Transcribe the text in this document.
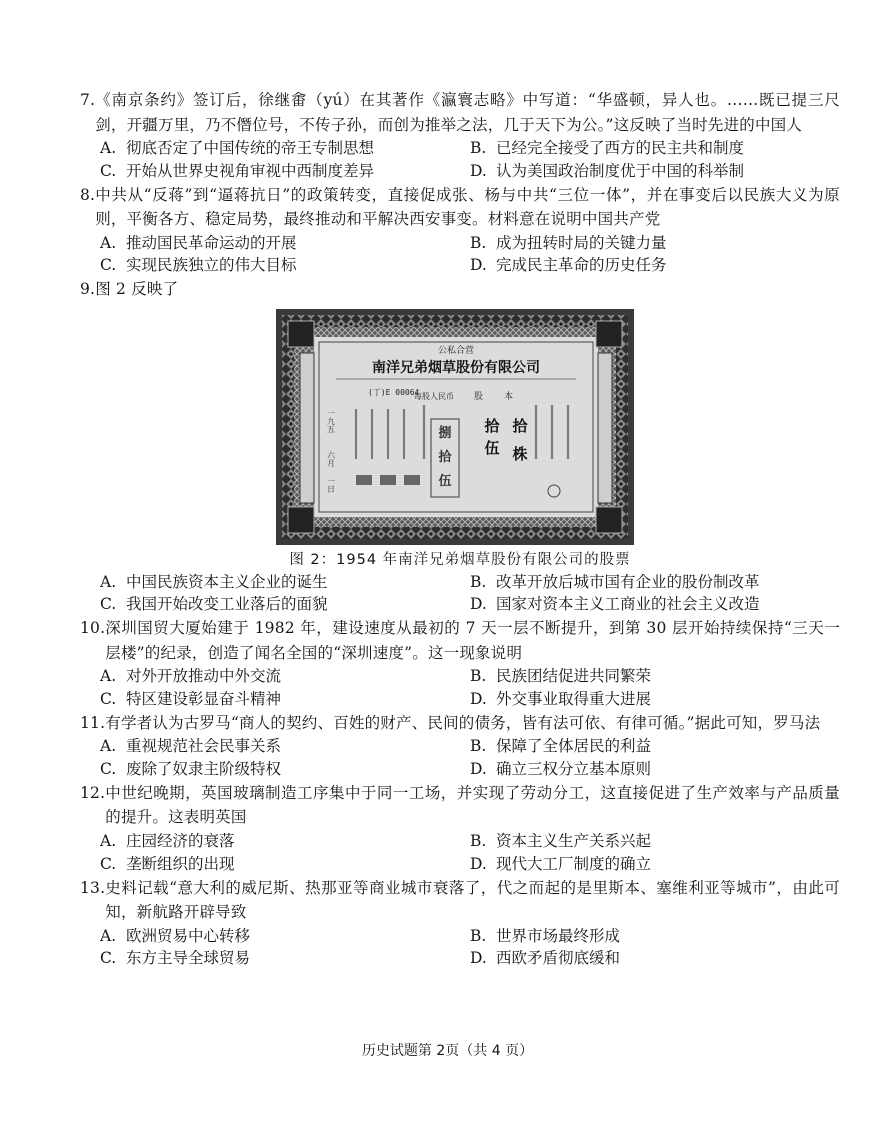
7. 《南京条约》签订后，徐继畬（yú）在其著作《瀛寰志略》中写道：“华盛顿，异人也。……既已提三尺剑，开疆万里，乃不僭位号，不传子孙，而创为推举之法，几于天下为公。”这反映了当时先进的中国人
A. 彻底否定了中国传统的帝王专制思想	B. 已经完全接受了西方的民主共和制度
C. 开始从世界史视角审视中西制度差异	D. 认为美国政治制度优于中国的科举制
8. 中共从“反蒋”到“逼蒋抗日”的政策转变，直接促成张、杨与中共“三位一体”，并在事变后以民族大义为原则，平衡各方、稳定局势，最终推动和平解决西安事变。材料意在说明中国共产党
A. 推动国民革命运动的开展	B. 成为扭转时局的关键力量
C. 实现民族独立的伟大目标	D. 完成民主革命的历史任务
9. 图 2 反映了
公私合营
南洋兄弟烟草股份有限公司
(丁)E 00064
一九五
六月
一日
捌
拾
伍
股 本
每股人民币
拾
伍
拾
株
图 2：1954 年南洋兄弟烟草股份有限公司的股票
A. 中国民族资本主义企业的诞生	B. 改革开放后城市国有企业的股份制改革
C. 我国开始改变工业落后的面貌	D. 国家对资本主义工商业的社会主义改造
10. 深圳国贸大厦始建于 1982 年，建设速度从最初的 7 天一层不断提升，到第 30 层开始持续保持“三天一层楼”的纪录，创造了闻名全国的“深圳速度”。这一现象说明
A. 对外开放推动中外交流	B. 民族团结促进共同繁荣
C. 特区建设彰显奋斗精神	D. 外交事业取得重大进展
11. 有学者认为古罗马“商人的契约、百姓的财产、民间的债务，皆有法可依、有律可循。”据此可知，罗马法
A. 重视规范社会民事关系	B. 保障了全体居民的利益
C. 废除了奴隶主阶级特权	D. 确立三权分立基本原则
12. 中世纪晚期，英国玻璃制造工序集中于同一工场，并实现了劳动分工，这直接促进了生产效率与产品质量的提升。这表明英国
A. 庄园经济的衰落	B. 资本主义生产关系兴起
C. 垄断组织的出现	D. 现代大工厂制度的确立
13. 史料记载“意大利的威尼斯、热那亚等商业城市衰落了，代之而起的是里斯本、塞维利亚等城市”，由此可知，新航路开辟导致
A. 欧洲贸易中心转移	B. 世界市场最终形成
C. 东方主导全球贸易	D. 西欧矛盾彻底缓和
历史试题第 2页（共 4 页）
